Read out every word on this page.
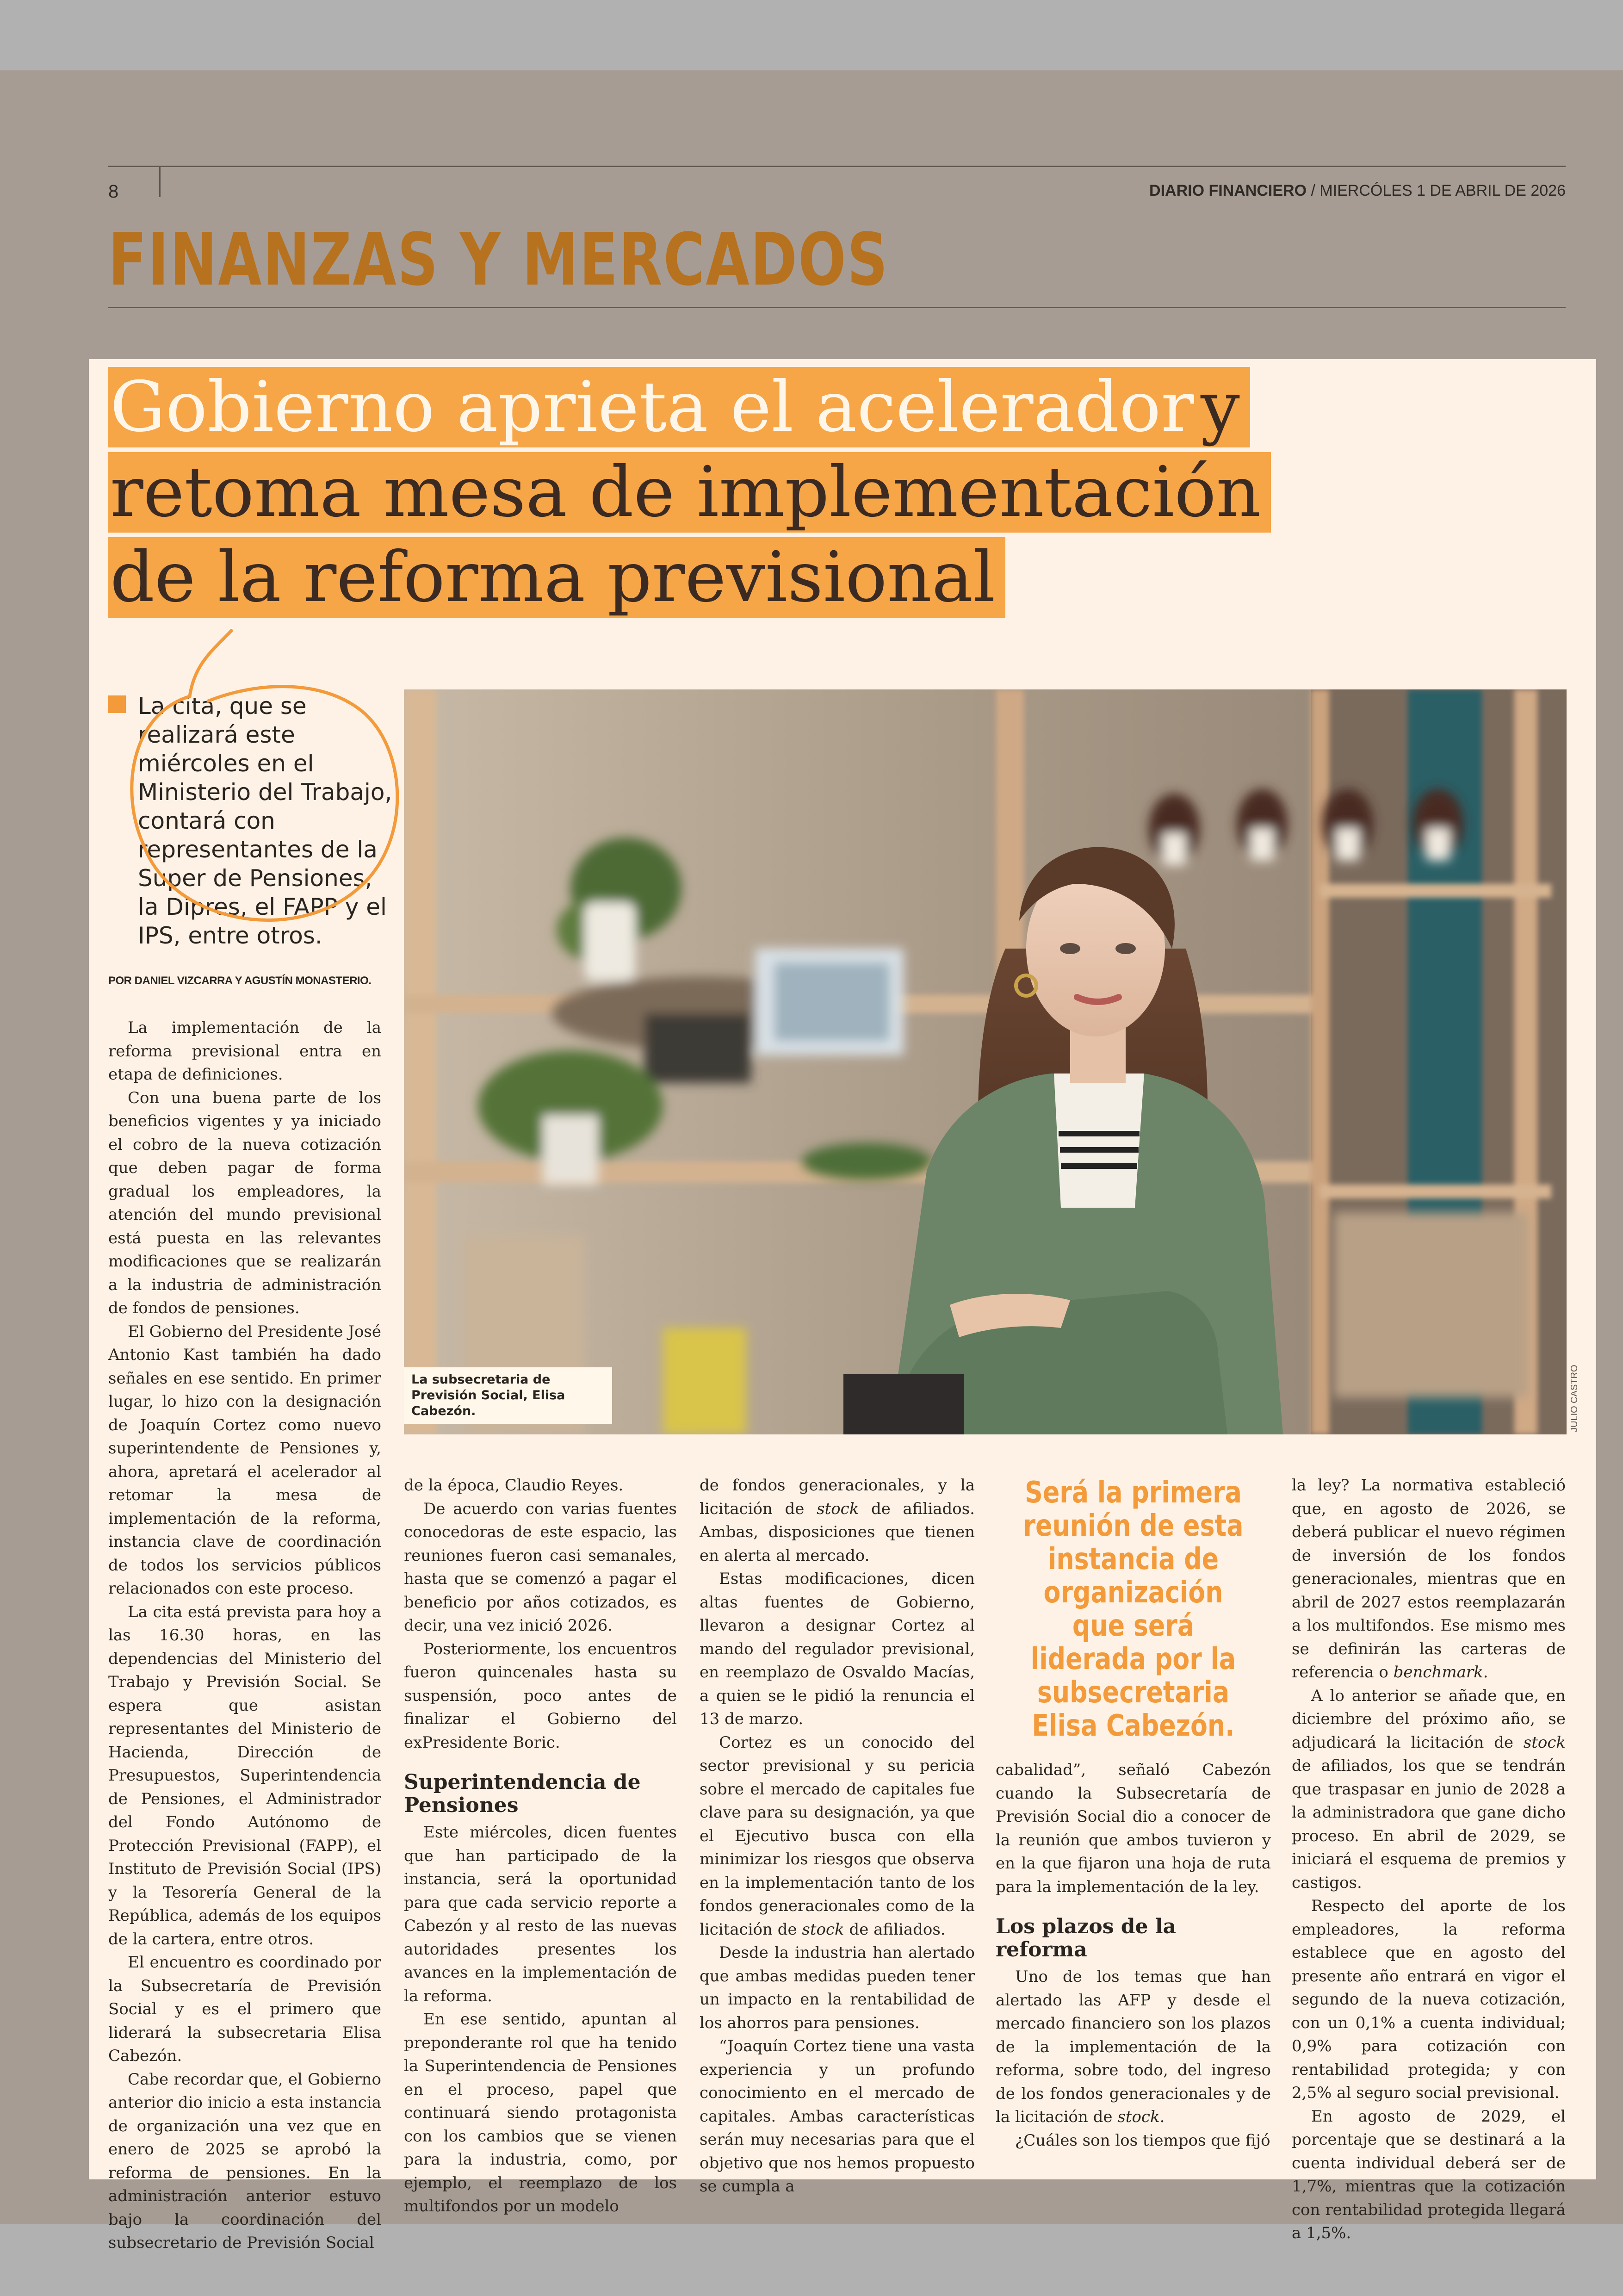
8	DIARIO FINANCIERO / MIERCÓLES 1 DE ABRIL DE 2026
FINANZAS Y MERCADOS
Gobierno aprieta el aceleradory
retoma mesa de implementación
de la reforma previsional
La cita, que se realizará este miércoles en el Ministerio del Trabajo, contará con representantes de la Super de Pensiones, la Dipres, el FAPP y el IPS, entre otros.
POR DANIEL VIZCARRA Y AGUSTÍN MONASTERIO.
La subsecretaria de Previsión Social, Elisa Cabezón.	JULIO CASTRO

La implementación de la reforma previsional entra en etapa de definiciones.

Con una buena parte de los beneficios vigentes y ya iniciado el cobro de la nueva cotización que deben pagar de forma gradual los empleadores, la atención del mundo previsional está puesta en las relevantes modificaciones que se realizarán a la industria de administración de fondos de pensiones.

El Gobierno del Presidente José Antonio Kast también ha dado señales en ese sentido. En primer lugar, lo hizo con la designación de Joaquín Cortez como nuevo superintendente de Pensiones y, ahora, apretará el acelerador al retomar la mesa de implementación de la reforma, instancia clave de coordinación de todos los servicios públicos relacionados con este proceso.

La cita está prevista para hoy a las 16.30 horas, en las dependencias del Ministerio del Trabajo y Previsión Social. Se espera que asistan representantes del Ministerio de Hacienda, Dirección de Presupuestos, Superintendencia de Pensiones, el Administrador del Fondo Autónomo de Protección Previsional (FAPP), el Instituto de Previsión Social (IPS) y la Tesorería General de la República, además de los equipos de la cartera, entre otros.

El encuentro es coordinado por la Subsecretaría de Previsión Social y es el primero que liderará la subsecretaria Elisa Cabezón.

Cabe recordar que, el Gobierno anterior dio inicio a esta instancia de organización una vez que en enero de 2025 se aprobó la reforma de pensiones. En la administración anterior estuvo bajo la coordinación del subsecretario de Previsión Social

de la época, Claudio Reyes.

De acuerdo con varias fuentes conocedoras de este espacio, las reuniones fueron casi semanales, hasta que se comenzó a pagar el beneficio por años cotizados, es decir, una vez inició 2026.

Posteriormente, los encuentros fueron quincenales hasta su suspensión, poco antes de finalizar el Gobierno del exPresidente Boric.

Superintendencia de Pensiones

Este miércoles, dicen fuentes que han participado de la instancia, será la oportunidad para que cada servicio reporte a Cabezón y al resto de las nuevas autoridades presentes los avances en la implementación de la reforma.

En ese sentido, apuntan al preponderante rol que ha tenido la Superintendencia de Pensiones en el proceso, papel que continuará siendo protagonista con los cambios que se vienen para la industria, como, por ejemplo, el reemplazo de los multifondos por un modelo

de fondos generacionales, y la licitación de stock de afiliados. Ambas, disposiciones que tienen en alerta al mercado.

Estas modificaciones, dicen altas fuentes de Gobierno, llevaron a designar Cortez al mando del regulador previsional, en reemplazo de Osvaldo Macías, a quien se le pidió la renuncia el 13 de marzo.

Cortez es un conocido del sector previsional y su pericia sobre el mercado de capitales fue clave para su designación, ya que el Ejecutivo busca con ella minimizar los riesgos que observa en la implementación tanto de los fondos generacionales como de la licitación de stock de afiliados.

Desde la industria han alertado que ambas medidas pueden tener un impacto en la rentabilidad de los ahorros para pensiones.

“Joaquín Cortez tiene una vasta experiencia y un profundo conocimiento en el mercado de capitales. Ambas características serán muy necesarias para que el objetivo que nos hemos propuesto se cumpla a

Será la primera reunión de esta instancia de organización que será liderada por la subsecretaria Elisa Cabezón.

cabalidad”, señaló Cabezón cuando la Subsecretaría de Previsión Social dio a conocer de la reunión que ambos tuvieron y en la que fijaron una hoja de ruta para la implementación de la ley.

Los plazos de la reforma

Uno de los temas que han alertado las AFP y desde el mercado financiero son los plazos de la implementación de la reforma, sobre todo, del ingreso de los fondos generacionales y de la licitación de stock.

¿Cuáles son los tiempos que fijó

la ley? La normativa estableció que, en agosto de 2026, se deberá publicar el nuevo régimen de inversión de los fondos generacionales, mientras que en abril de 2027 estos reemplazarán a los multifondos. Ese mismo mes se definirán las carteras de referencia o benchmark.

A lo anterior se añade que, en diciembre del próximo año, se adjudicará la licitación de stock de afiliados, los que se tendrán que traspasar en junio de 2028 a la administradora que gane dicho proceso. En abril de 2029, se iniciará el esquema de premios y castigos.

Respecto del aporte de los empleadores, la reforma establece que en agosto del presente año entrará en vigor el segundo de la nueva cotización, con un 0,1% a cuenta individual; 0,9% para cotización con rentabilidad protegida; y con 2,5% al seguro social previsional.

En agosto de 2029, el porcentaje que se destinará a la cuenta individual deberá ser de 1,7%, mientras que la cotización con rentabilidad protegida llegará a 1,5%.
